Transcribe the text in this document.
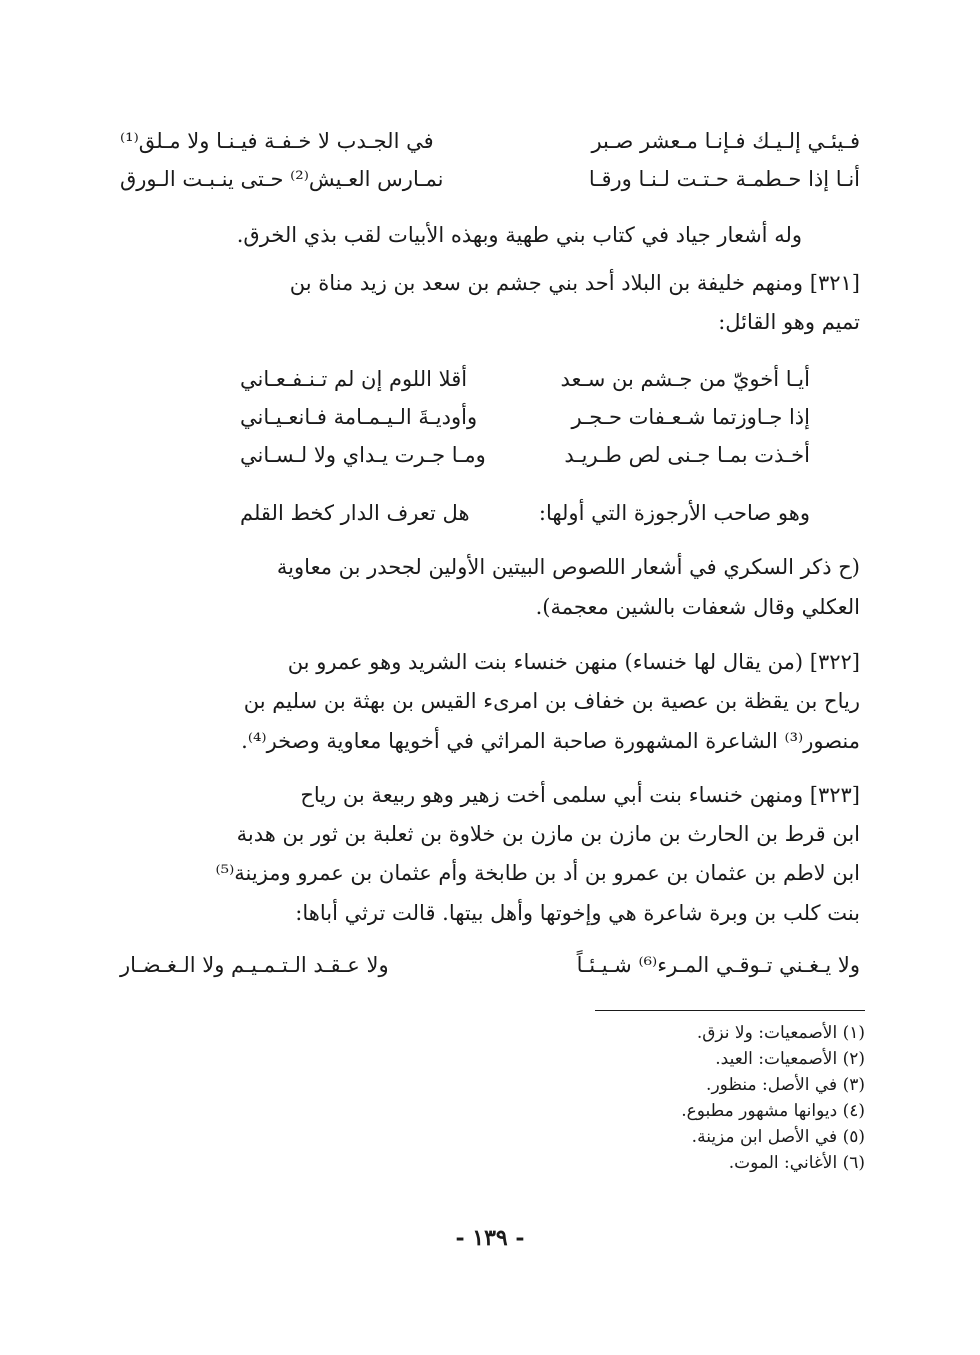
فـيئـي إلـيـك فـإنـا مـعشر صـبر
في الجـدب لا خـفـة فيـنـا ولا مـلق⁽¹⁾
أنـا إذا حـطمـة حـتـت لـنـا ورقـا
نمـارس العـيش⁽²⁾ حـتى ينـبـت الـورق
وله أشعار جياد في كتاب بني طهية وبهذه الأبيات لقب بذي الخرق.
[٣٢١] ومنهم خليفة بن البلاد أحد بني جشم بن سعد بن زيد مناة بن
تميم وهو القائل:
أيـا أخويّ من جـشم بن سـعد
أقلا اللوم إن لم تـنـفـعـاني
إذا جـاوزتما شـعـفات حـجـر
وأوديـةَ الـيـمـامة فـانعـيـاني
أخـذت بمـا جـنى لص طـريـد
ومـا جـرت يـداي ولا لـسـاني
وهو صاحب الأرجوزة التي أولها:
هل تعرف الدار كخط القلم
(ح ذكر السكري في أشعار اللصوص البيتين الأولين لجحدر بن معاوية
العكلي وقال شعفات بالشين معجمة).
[٣٢٢] (من يقال لها خنساء) منهن خنساء بنت الشريد وهو عمرو بن
رياح بن يقظة بن عصية بن خفاف بن امرىء القيس بن بهثة بن سليم بن
منصور⁽³⁾ الشاعرة المشهورة صاحبة المراثي في أخويها معاوية وصخر⁽⁴⁾.
[٣٢٣] ومنهن خنساء بنت أبي سلمى أخت زهير وهو ربيعة بن رياح
ابن قرط بن الحارث بن مازن بن مازن بن خلاوة بن ثعلبة بن ثور بن هدبة
ابن لاطم بن عثمان بن عمرو بن أد بن طابخة وأم عثمان بن عمرو ومزينة⁽⁵⁾
بنت كلب بن وبرة شاعرة هي وإخوتها وأهل بيتها. قالت ترثي أباها:
ولا يـغـني تـوقـي المـرء⁽⁶⁾ شـيـئـاً
ولا عـقـد الـتـمـيـم ولا الـغـضـار
(١) الأصمعيات: ولا نزق.
(٢) الأصمعيات: العيد.
(٣) في الأصل: منظور.
(٤) ديوانها مشهور مطبوع.
(٥) في الأصل ابن مزينة.
(٦) الأغاني: الموت.
- ١٣٩ -
